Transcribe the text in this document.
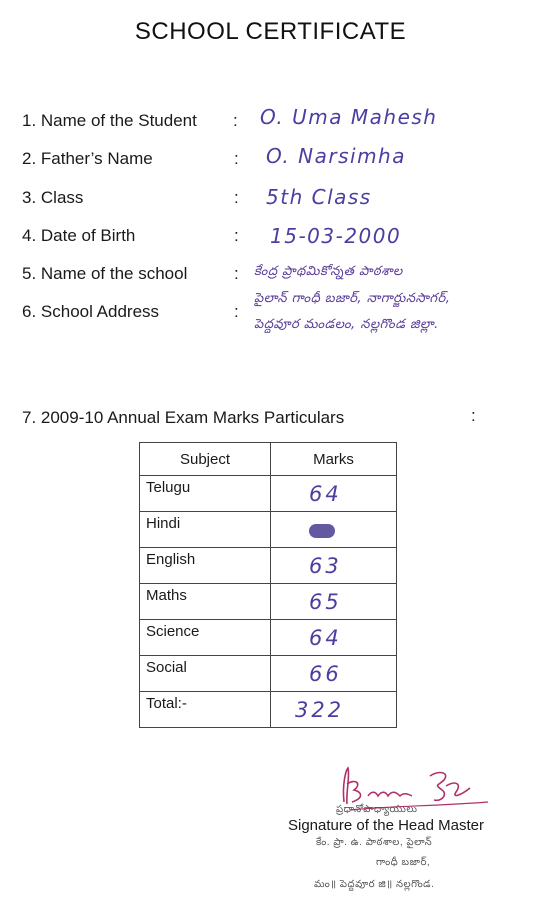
SCHOOL CERTIFICATE
1. Name of the Student : O. Uma Mahesh
2. Father’s Name	: O. Narsimha
3. Class	: 5th Class
4. Date of Birth	: 15-03-2000
5. Name of the school	: కేంద్ర ప్రాథమికోన్నత పాఠశాల
6. School Address	:
పైలాన్ గాంధీ బజార్, నాగార్జునసాగర్,
పెద్దవూర మండలం, నల్లగొండ జిల్లా.
7. 2009-10 Annual Exam Marks Particulars	:
Subject	Marks
Telugu	64
Hindi	
English	63
Maths	65
Science	64
Social	66
Total:-	322
ప్రధానోపాధ్యాయులు
Signature of the Head Master
కేం. ప్రా. ఉ. పాఠశాల, పైలాన్
గాంధీ బజార్,
మం॥ పెద్దవూర జి॥ నల్లగొండ.
